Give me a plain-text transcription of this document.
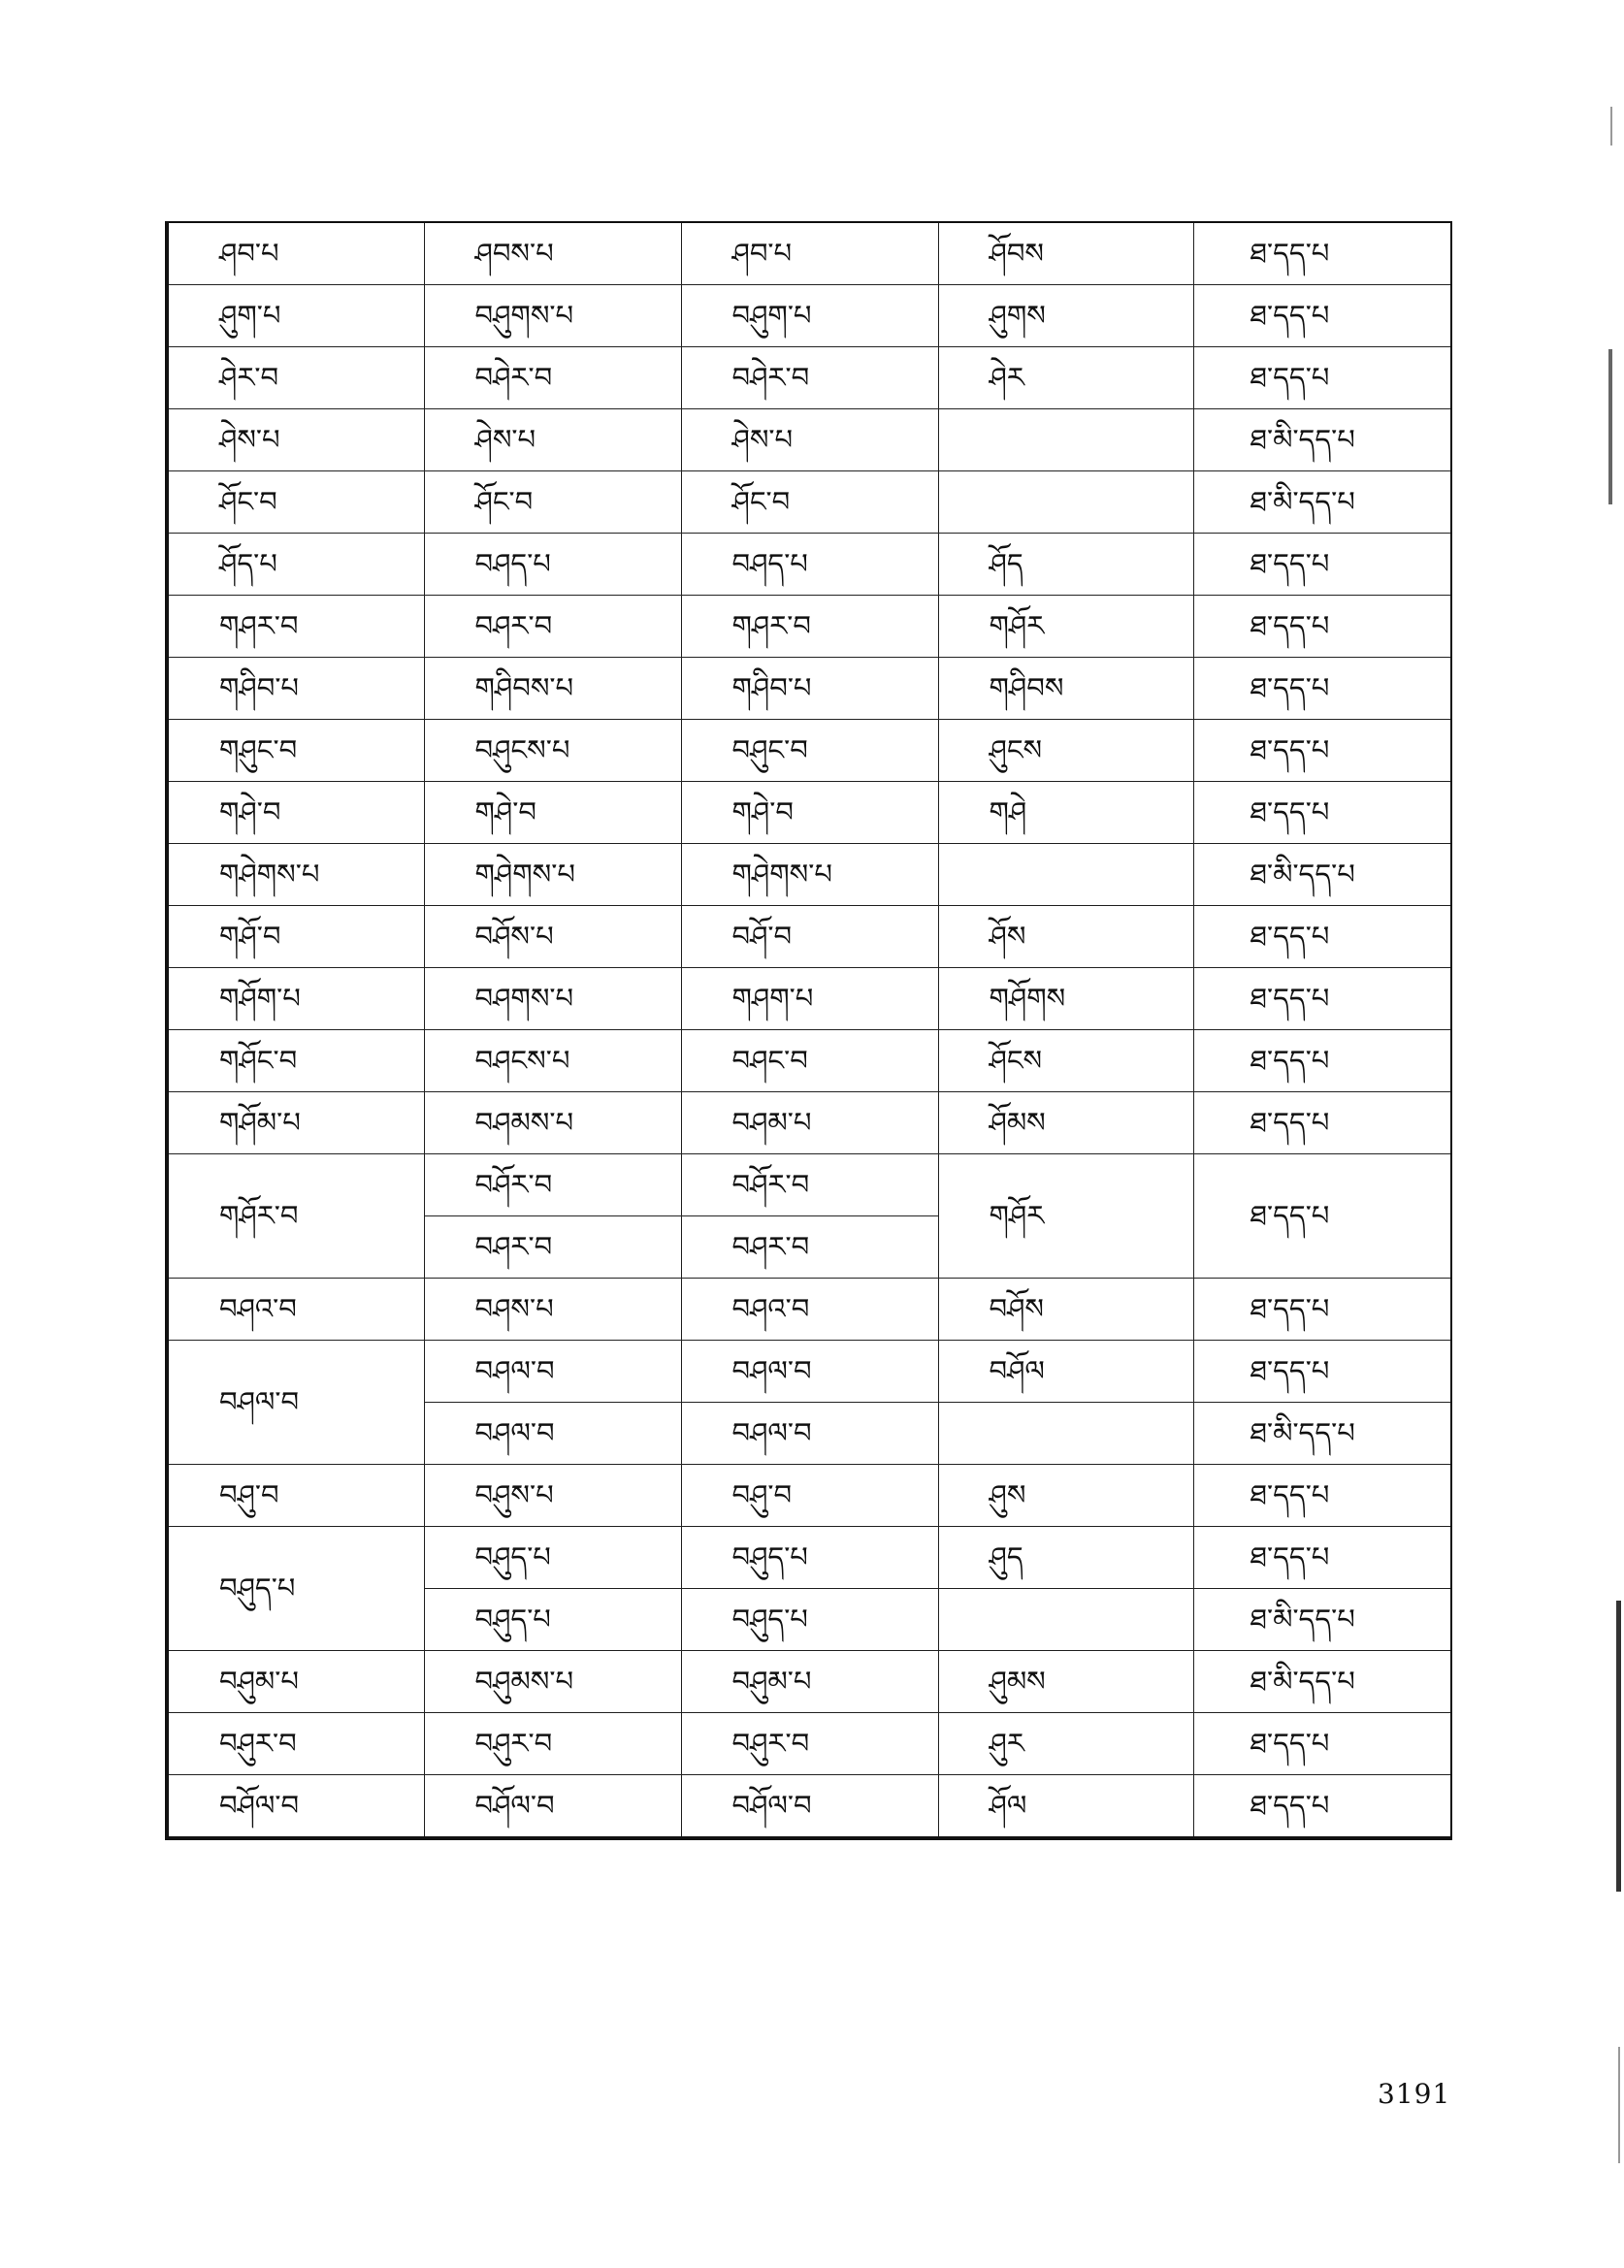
ཤབ་པ	ཤབས་པ	ཤབ་པ	ཤོབས	ཐ་དད་པ
ཤུག་པ	བཤུགས་པ	བཤུག་པ	ཤུགས	ཐ་དད་པ
ཤེར་བ	བཤེར་བ	བཤེར་བ	ཤེར	ཐ་དད་པ
ཤེས་པ	ཤེས་པ	ཤེས་པ		ཐ་མི་དད་པ
ཤོང་བ	ཤོང་བ	ཤོང་བ		ཐ་མི་དད་པ
ཤོད་པ	བཤད་པ	བཤད་པ	ཤོད	ཐ་དད་པ
གཤར་བ	བཤར་བ	གཤར་བ	གཤོར	ཐ་དད་པ
གཤིབ་པ	གཤིབས་པ	གཤིབ་པ	གཤིབས	ཐ་དད་པ
གཤུང་བ	བཤུངས་པ	བཤུང་བ	ཤུངས	ཐ་དད་པ
གཤེ་བ	གཤེ་བ	གཤེ་བ	གཤེ	ཐ་དད་པ
གཤེགས་པ	གཤེགས་པ	གཤེགས་པ		ཐ་མི་དད་པ
གཤོ་བ	བཤོས་པ	བཤོ་བ	ཤོས	ཐ་དད་པ
གཤོག་པ	བཤགས་པ	གཤག་པ	གཤོགས	ཐ་དད་པ
གཤོང་བ	བཤངས་པ	བཤང་བ	ཤོངས	ཐ་དད་པ
གཤོམ་པ	བཤམས་པ	བཤམ་པ	ཤོམས	ཐ་དད་པ
གཤོར་བ	བཤོར་བ	བཤོར་བ	གཤོར	ཐ་དད་པ
	བཤར་བ	བཤར་བ		
བཤའ་བ	བཤས་པ	བཤའ་བ	བཤོས	ཐ་དད་པ
བཤལ་བ	བཤལ་བ	བཤལ་བ	བཤོལ	ཐ་དད་པ
	བཤལ་བ	བཤལ་བ		ཐ་མི་དད་པ
བཤུ་བ	བཤུས་པ	བཤུ་བ	ཤུས	ཐ་དད་པ
བཤུད་པ	བཤུད་པ	བཤུད་པ	ཤུད	ཐ་དད་པ
	བཤུད་པ	བཤུད་པ		ཐ་མི་དད་པ
བཤུམ་པ	བཤུམས་པ	བཤུམ་པ	ཤུམས	ཐ་མི་དད་པ
བཤུར་བ	བཤུར་བ	བཤུར་བ	ཤུར	ཐ་དད་པ
བཤོལ་བ	བཤོལ་བ	བཤོལ་བ	ཤོལ	ཐ་དད་པ
3191
